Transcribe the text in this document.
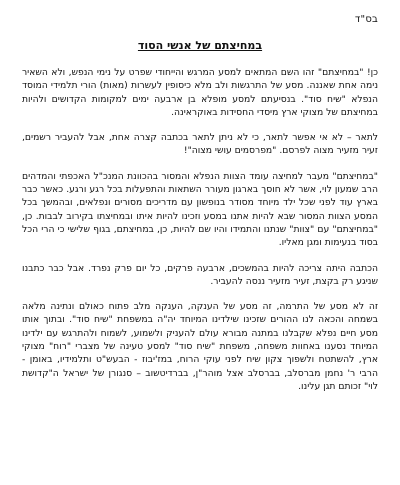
בס"ד
במחיצתם של אנשי הסוד

כן! "במחיצתם" זהו השם המתאים למסע המרגש והייחודי שפרט על נימי הנפש, ולא השאיר נימה אחת שאננה. מסע של התרגשות ולב מלא כיסופין לעשרות (מאות) הורי תלמידי המוסד הנפלא "שיח סוד". בנסיעתם למסע מופלא בן ארבעה ימים למקומות הקדושים ולהיות במחיצתם של מצוקי ארץ מיסדי החסידות באוקראינה.

לתאר – לא אי אפשר לתאר, כי לא ניתן לתאר בכתבה קצרה אחת, אבל להעביר רשמים, זעיר מזעיר מצוה לפרסם. "מפרסמים עושי מצוה"!

"במחיצתם" מעבר למחיצה עומד הצוות הנפלא והמסור בהכוונת המנכ"ל האכפתי והמדהים הרב שמעון לוי, אשר לא חוסך בארגון מעורר השתאות והתפעלות בכל רגע ורגע. כאשר כבר בארץ עוד לפני שכל ילד מיוחד מסודר בנופשון עם מדריכים מסורים ונפלאים, ובהמשך בכל המסע הצוות המסור שבא להיות אתנו במסע וזכינו להיות איתו ובמחיצתו בקירוב לבבות. כן, "במחיצתם" עם "צוות" שנתנו והתמידו והיו שם להיות, כן, במחיצתם, בגוף שלישי כי הרי הכל בסוד בנעימות ומגן מאליו.

הכתבה היתה צריכה להיות בהמשכים, ארבעה פרקים, כל יום פרק נפרד. אבל כבר כתבנו שניגע רק בקצת, זעיר מזעיר ננסה להעביר.

זה לא מסע של התרמה, זה מסע של הענקה, הענקה מלב פתוח כאולם ונתינה מלאה בשמחה והכאה לנו ההורים שזכינו שילדינו המיוחד יה"ה במשפחת "שיח סוד". ובתוך אותו מסע חיים נפלא שקבלנו במתנה מבורא עולם להעניק ולשמוע, לשמוח ולהתרגש עם ילדינו המיוחד נסענו באחוות משפחה, משפחת "שיח סוד" למסע טעינה של מצברי "רוח" מצוקי ארץ, להשתטח ולשפוך צקון שיח לפני עוקי הרוח, במז'יבוז - הבעש"ט ותלמידיו, באומן - הרבי ר' נחמן מברסלב, בברסלב אצל מוהר"ן, בברדיטשוב – סנגורן של ישראל ה"קדושת לוי" זכותם תגן עלינו.
